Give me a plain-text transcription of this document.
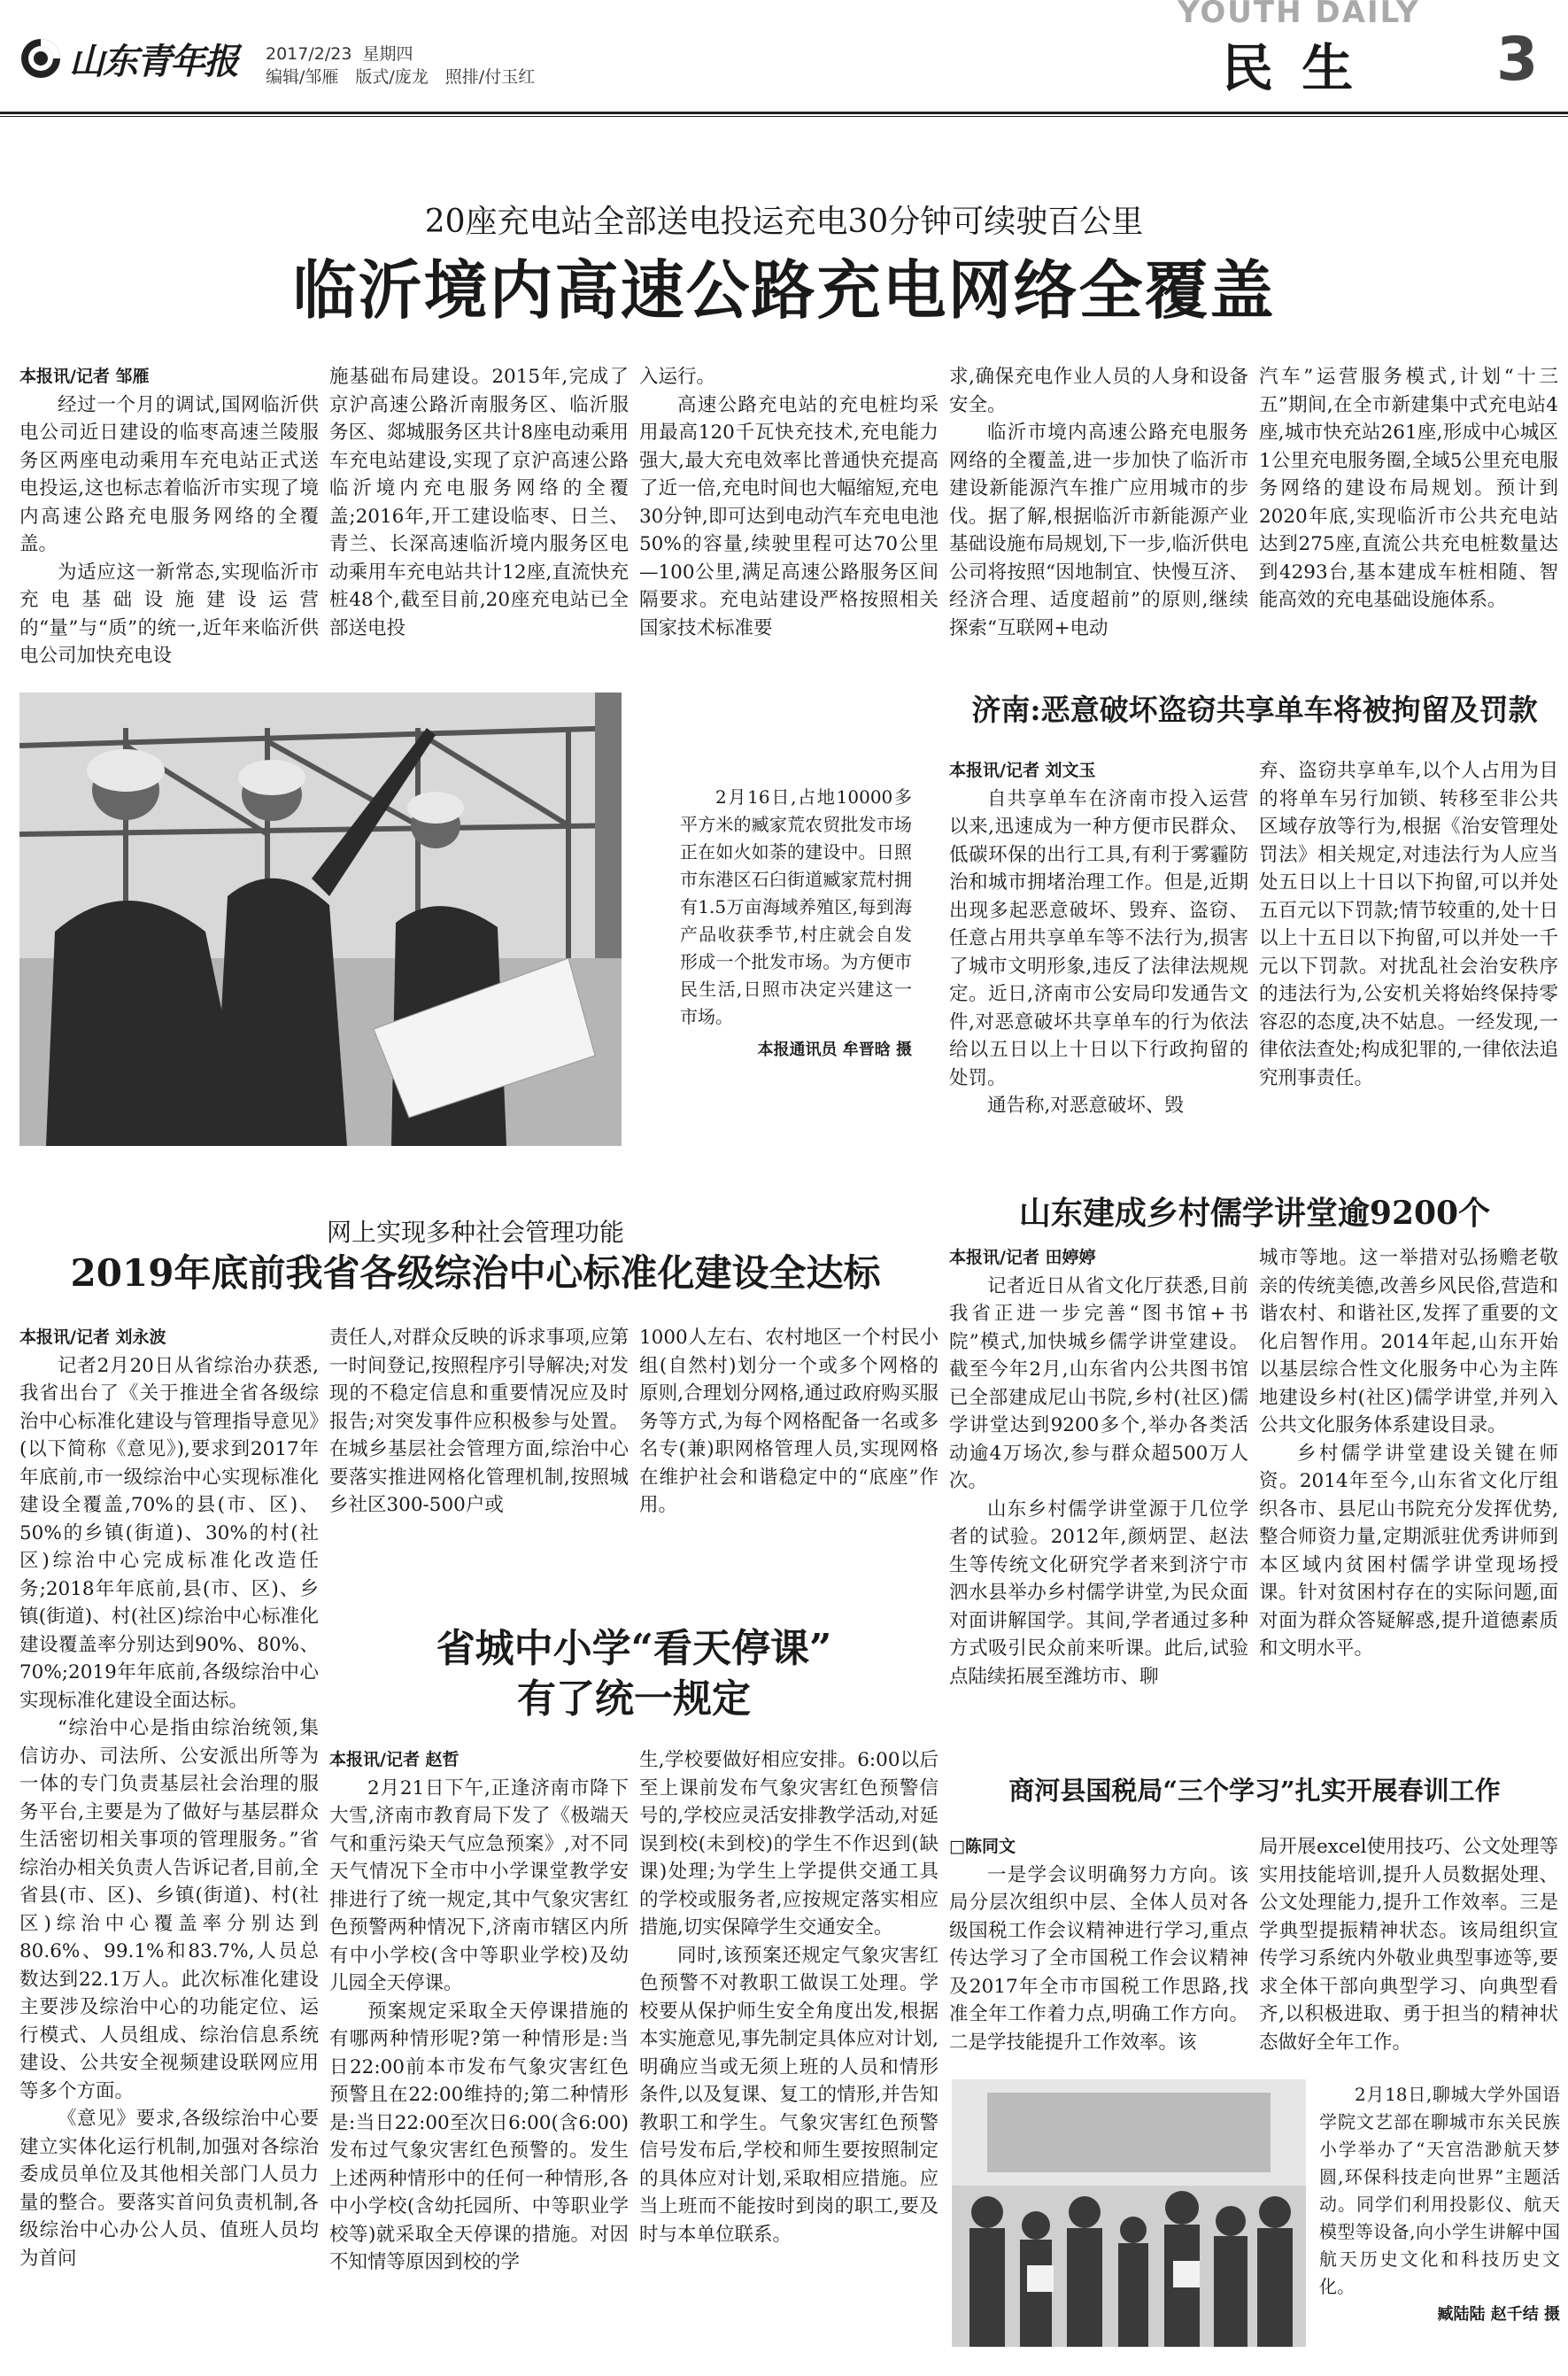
山东青年报 2017/2/23 星期四
编辑/邹雁　版式/庞龙　照排/付玉红
YOUTH DAILY
民 生 3
20座充电站全部送电投运充电30分钟可续驶百公里
临沂境内高速公路充电网络全覆盖

本报讯/记者 邹雁

经过一个月的调试,国网临沂供电公司近日建设的临枣高速兰陵服务区两座电动乘用车充电站正式送电投运,这也标志着临沂市实现了境内高速公路充电服务网络的全覆盖。

为适应这一新常态,实现临沂市充电基础设施建设运营的“量”与“质”的统一,近年来临沂供电公司加快充电设

施基础布局建设。2015年,完成了京沪高速公路沂南服务区、临沂服务区、郯城服务区共计8座电动乘用车充电站建设,实现了京沪高速公路临沂境内充电服务网络的全覆盖;2016年,开工建设临枣、日兰、青兰、长深高速临沂境内服务区电动乘用车充电站共计12座,直流快充桩48个,截至目前,20座充电站已全部送电投

入运行。

高速公路充电站的充电桩均采用最高120千瓦快充技术,充电能力强大,最大充电效率比普通快充提高了近一倍,充电时间也大幅缩短,充电30分钟,即可达到电动汽车充电电池50%的容量,续驶里程可达70公里—100公里,满足高速公路服务区间隔要求。充电站建设严格按照相关国家技术标准要

求,确保充电作业人员的人身和设备安全。

临沂市境内高速公路充电服务网络的全覆盖,进一步加快了临沂市建设新能源汽车推广应用城市的步伐。据了解,根据临沂市新能源产业基础设施布局规划,下一步,临沂供电公司将按照“因地制宜、快慢互济、经济合理、适度超前”的原则,继续探索“互联网+电动

汽车”运营服务模式,计划“十三五”期间,在全市新建集中式充电站4座,城市快充站261座,形成中心城区1公里充电服务圈,全域5公里充电服务网络的建设布局规划。预计到2020年底,实现临沂市公共充电站达到275座,直流公共充电桩数量达到4293台,基本建成车桩相随、智能高效的充电基础设施体系。

2月16日,占地10000多平方米的臧家荒农贸批发市场正在如火如荼的建设中。日照市东港区石臼街道臧家荒村拥有1.5万亩海域养殖区,每到海产品收获季节,村庄就会自发形成一个批发市场。为方便市民生活,日照市决定兴建这一市场。

本报通讯员 牟晋晗 摄

济南:恶意破坏盗窃共享单车将被拘留及罚款

本报讯/记者 刘文玉

自共享单车在济南市投入运营以来,迅速成为一种方便市民群众、低碳环保的出行工具,有利于雾霾防治和城市拥堵治理工作。但是,近期出现多起恶意破坏、毁弃、盗窃、任意占用共享单车等不法行为,损害了城市文明形象,违反了法律法规规定。近日,济南市公安局印发通告文件,对恶意破坏共享单车的行为依法给以五日以上十日以下行政拘留的处罚。

通告称,对恶意破坏、毁

弃、盗窃共享单车,以个人占用为目的将单车另行加锁、转移至非公共区域存放等行为,根据《治安管理处罚法》相关规定,对违法行为人应当处五日以上十日以下拘留,可以并处五百元以下罚款;情节较重的,处十日以上十五日以下拘留,可以并处一千元以下罚款。对扰乱社会治安秩序的违法行为,公安机关将始终保持零容忍的态度,决不姑息。一经发现,一律依法查处;构成犯罪的,一律依法追究刑事责任。

网上实现多种社会管理功能
2019年底前我省各级综治中心标准化建设全达标

本报讯/记者 刘永波

记者2月20日从省综治办获悉,我省出台了《关于推进全省各级综治中心标准化建设与管理指导意见》(以下简称《意见》),要求到2017年年底前,市一级综治中心实现标准化建设全覆盖,70%的县(市、区)、50%的乡镇(街道)、30%的村(社区)综治中心完成标准化改造任务;2018年年底前,县(市、区)、乡镇(街道)、村(社区)综治中心标准化建设覆盖率分别达到90%、80%、70%;2019年年底前,各级综治中心实现标准化建设全面达标。

“综治中心是指由综治统领,集信访办、司法所、公安派出所等为一体的专门负责基层社会治理的服务平台,主要是为了做好与基层群众生活密切相关事项的管理服务。”省综治办相关负责人告诉记者,目前,全省县(市、区)、乡镇(街道)、村(社区)综治中心覆盖率分别达到80.6%、99.1%和83.7%,人员总数达到22.1万人。此次标准化建设主要涉及综治中心的功能定位、运行模式、人员组成、综治信息系统建设、公共安全视频建设联网应用等多个方面。

《意见》要求,各级综治中心要建立实体化运行机制,加强对各综治委成员单位及其他相关部门人员力量的整合。要落实首问负责机制,各级综治中心办公人员、值班人员均为首问

责任人,对群众反映的诉求事项,应第一时间登记,按照程序引导解决;对发现的不稳定信息和重要情况应及时报告;对突发事件应积极参与处置。在城乡基层社会管理方面,综治中心要落实推进网格化管理机制,按照城乡社区300-500户或

1000人左右、农村地区一个村民小组(自然村)划分一个或多个网格的原则,合理划分网格,通过政府购买服务等方式,为每个网格配备一名或多名专(兼)职网格管理人员,实现网格在维护社会和谐稳定中的“底座”作用。

山东建成乡村儒学讲堂逾9200个

本报讯/记者 田婷婷

记者近日从省文化厅获悉,目前我省正进一步完善“图书馆+书院”模式,加快城乡儒学讲堂建设。截至今年2月,山东省内公共图书馆已全部建成尼山书院,乡村(社区)儒学讲堂达到9200多个,举办各类活动逾4万场次,参与群众超500万人次。

山东乡村儒学讲堂源于几位学者的试验。2012年,颜炳罡、赵法生等传统文化研究学者来到济宁市泗水县举办乡村儒学讲堂,为民众面对面讲解国学。其间,学者通过多种方式吸引民众前来听课。此后,试验点陆续拓展至潍坊市、聊

城市等地。这一举措对弘扬赡老敬亲的传统美德,改善乡风民俗,营造和谐农村、和谐社区,发挥了重要的文化启智作用。2014年起,山东开始以基层综合性文化服务中心为主阵地建设乡村(社区)儒学讲堂,并列入公共文化服务体系建设目录。

乡村儒学讲堂建设关键在师资。2014年至今,山东省文化厅组织各市、县尼山书院充分发挥优势,整合师资力量,定期派驻优秀讲师到本区域内贫困村儒学讲堂现场授课。针对贫困村存在的实际问题,面对面为群众答疑解惑,提升道德素质和文明水平。

省城中小学“看天停课”
有了统一规定

本报讯/记者 赵哲

2月21日下午,正逢济南市降下大雪,济南市教育局下发了《极端天气和重污染天气应急预案》,对不同天气情况下全市中小学课堂教学安排进行了统一规定,其中气象灾害红色预警两种情况下,济南市辖区内所有中小学校(含中等职业学校)及幼儿园全天停课。

预案规定采取全天停课措施的有哪两种情形呢?第一种情形是:当日22:00前本市发布气象灾害红色预警且在22:00维持的;第二种情形是:当日22:00至次日6:00(含6:00)发布过气象灾害红色预警的。发生上述两种情形中的任何一种情形,各中小学校(含幼托园所、中等职业学校等)就采取全天停课的措施。对因不知情等原因到校的学

生,学校要做好相应安排。6:00以后至上课前发布气象灾害红色预警信号的,学校应灵活安排教学活动,对延误到校(未到校)的学生不作迟到(缺课)处理;为学生上学提供交通工具的学校或服务者,应按规定落实相应措施,切实保障学生交通安全。

同时,该预案还规定气象灾害红色预警不对教职工做误工处理。学校要从保护师生安全角度出发,根据本实施意见,事先制定具体应对计划,明确应当或无须上班的人员和情形条件,以及复课、复工的情形,并告知教职工和学生。气象灾害红色预警信号发布后,学校和师生要按照制定的具体应对计划,采取相应措施。应当上班而不能按时到岗的职工,要及时与本单位联系。

商河县国税局“三个学习”扎实开展春训工作

□陈同文

一是学会议明确努力方向。该局分层次组织中层、全体人员对各级国税工作会议精神进行学习,重点传达学习了全市国税工作会议精神及2017年全市市国税工作思路,找准全年工作着力点,明确工作方向。二是学技能提升工作效率。该

局开展excel使用技巧、公文处理等实用技能培训,提升人员数据处理、公文处理能力,提升工作效率。三是学典型提振精神状态。该局组织宣传学习系统内外敬业典型事迹等,要求全体干部向典型学习、向典型看齐,以积极进取、勇于担当的精神状态做好全年工作。

2月18日,聊城大学外国语学院文艺部在聊城市东关民族小学举办了“天宫浩渺航天梦圆,环保科技走向世界”主题活动。同学们利用投影仪、航天模型等设备,向小学生讲解中国航天历史文化和科技历史文化。

臧陆陆 赵千结 摄
